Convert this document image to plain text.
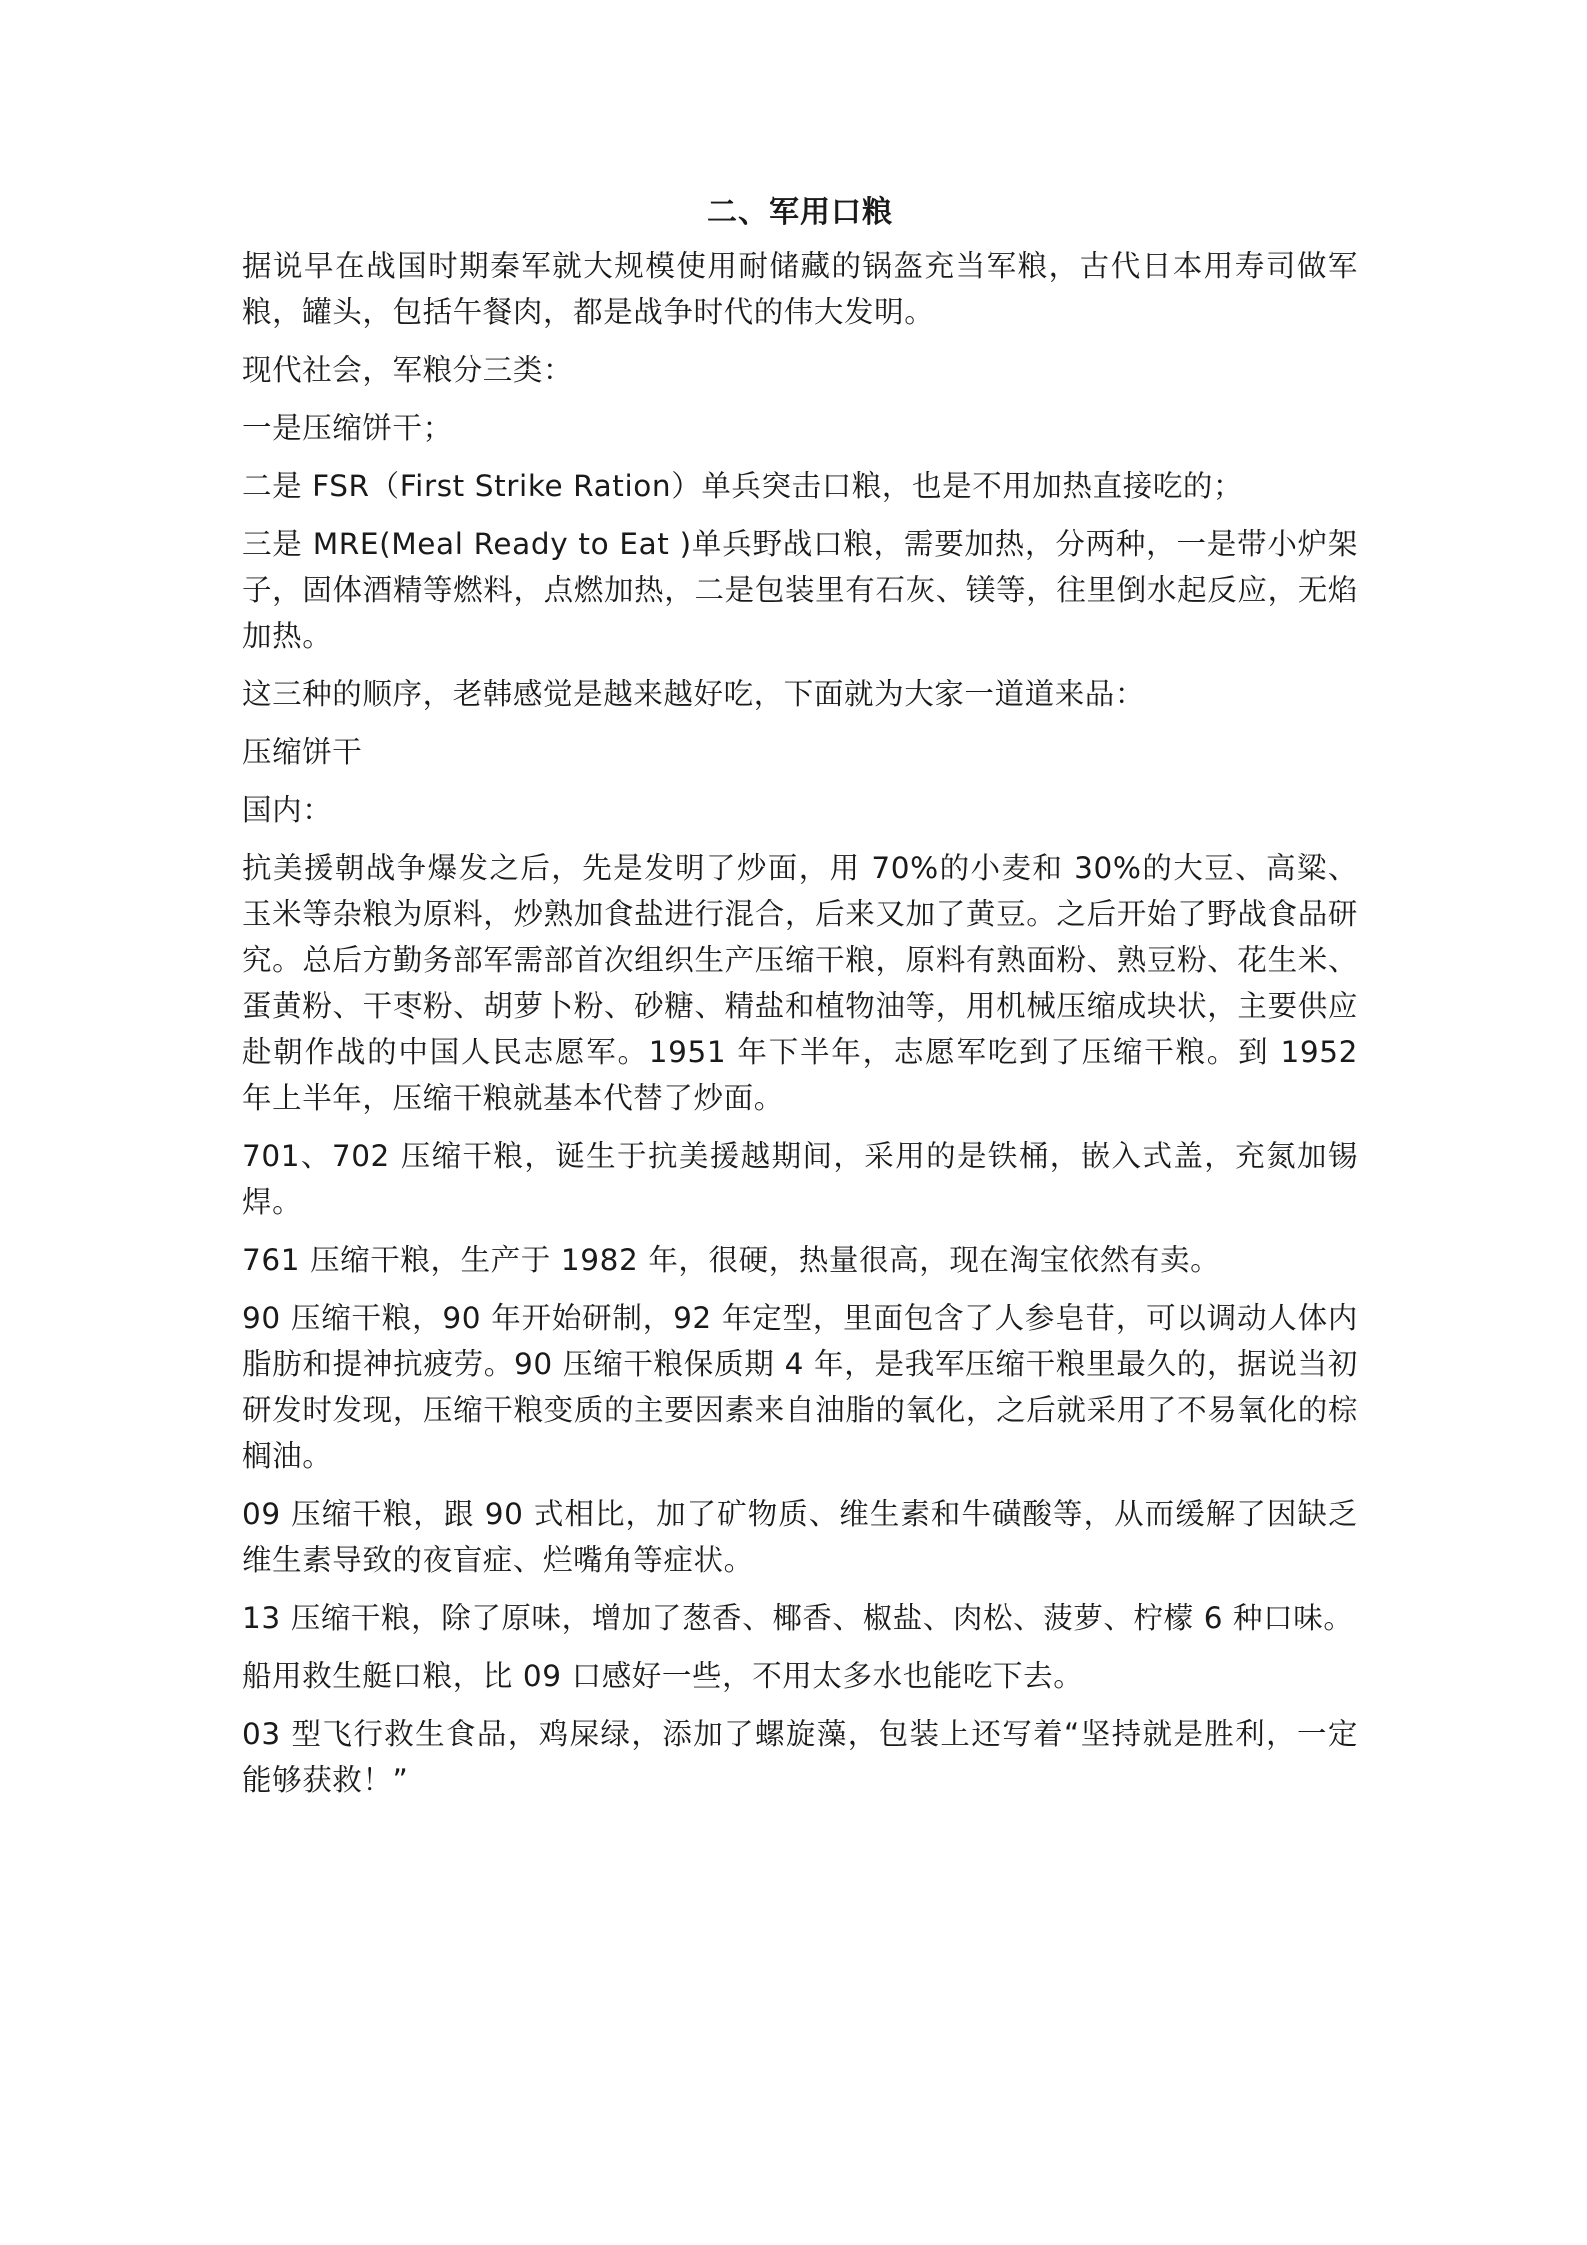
二、军用口粮

据说早在战国时期秦军就大规模使用耐储藏的锅盔充当军粮，古代日本用寿司做军粮，罐头，包括午餐肉，都是战争时代的伟大发明。

现代社会，军粮分三类：

一是压缩饼干；

二是 FSR（First Strike Ration）单兵突击口粮，也是不用加热直接吃的；

三是 MRE(Meal Ready to Eat )单兵野战口粮，需要加热，分两种，一是带小炉架子，固体酒精等燃料，点燃加热，二是包装里有石灰、镁等，往里倒水起反应，无焰加热。

这三种的顺序，老韩感觉是越来越好吃，下面就为大家一道道来品：

压缩饼干

国内：

抗美援朝战争爆发之后，先是发明了炒面，用 70%的小麦和 30%的大豆、高粱、玉米等杂粮为原料，炒熟加食盐进行混合，后来又加了黄豆。之后开始了野战食品研究。总后方勤务部军需部首次组织生产压缩干粮，原料有熟面粉、熟豆粉、花生米、蛋黄粉、干枣粉、胡萝卜粉、砂糖、精盐和植物油等，用机械压缩成块状，主要供应赴朝作战的中国人民志愿军。1951 年下半年，志愿军吃到了压缩干粮。到 1952 年上半年，压缩干粮就基本代替了炒面。

701、702 压缩干粮，诞生于抗美援越期间，采用的是铁桶，嵌入式盖，充氮加锡焊。

761 压缩干粮，生产于 1982 年，很硬，热量很高，现在淘宝依然有卖。

90 压缩干粮，90 年开始研制，92 年定型，里面包含了人参皂苷，可以调动人体内脂肪和提神抗疲劳。90 压缩干粮保质期 4 年，是我军压缩干粮里最久的，据说当初研发时发现，压缩干粮变质的主要因素来自油脂的氧化，之后就采用了不易氧化的棕榈油。

09 压缩干粮，跟 90 式相比，加了矿物质、维生素和牛磺酸等，从而缓解了因缺乏维生素导致的夜盲症、烂嘴角等症状。

13 压缩干粮，除了原味，增加了葱香、椰香、椒盐、肉松、菠萝、柠檬 6 种口味。

船用救生艇口粮，比 09 口感好一些，不用太多水也能吃下去。

03 型飞行救生食品，鸡屎绿，添加了螺旋藻，包装上还写着“坚持就是胜利，一定能够获救！”
